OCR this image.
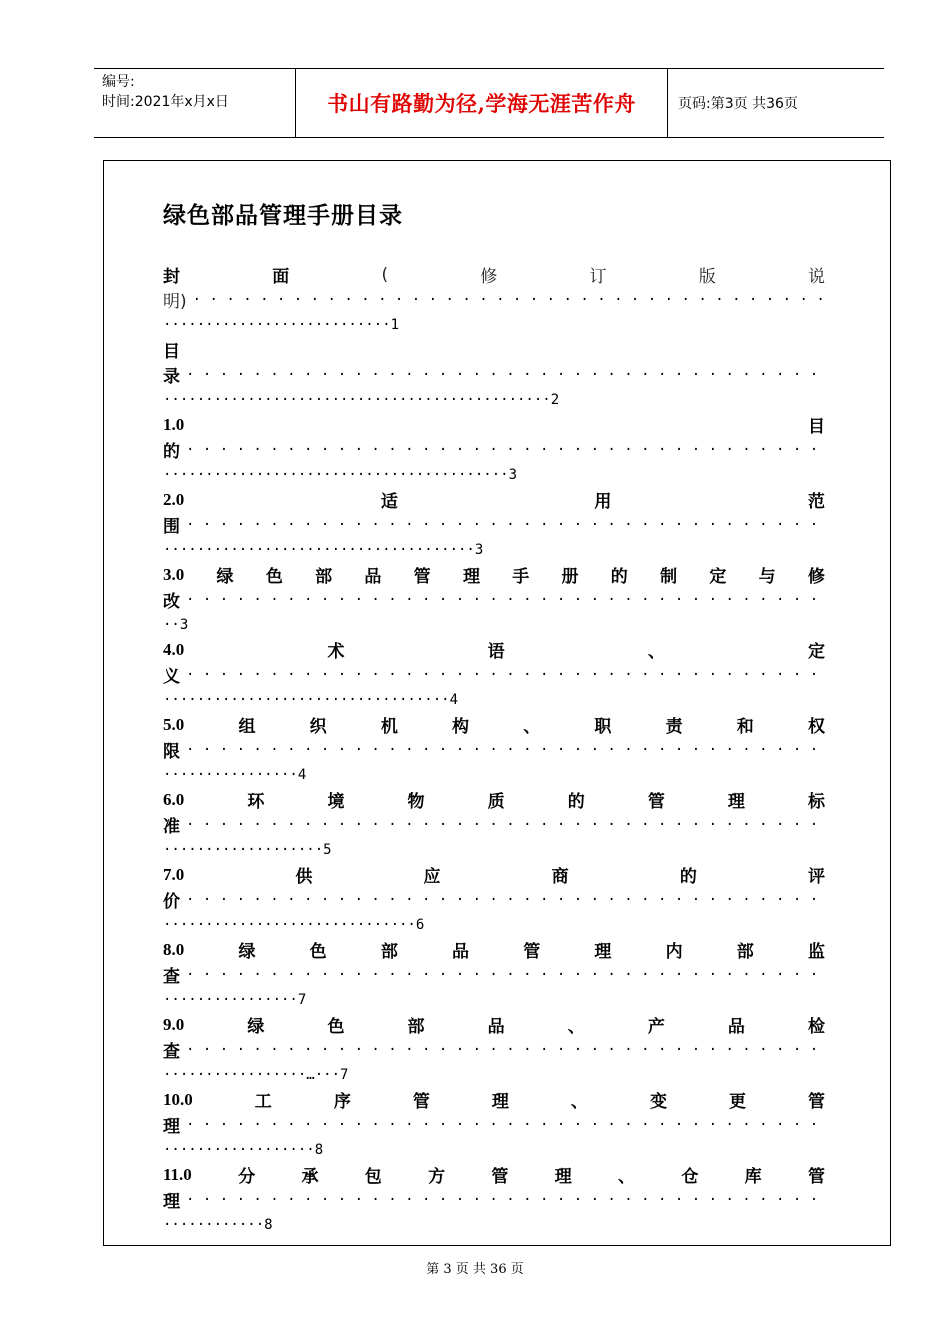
编号:
时间:2021年x月x日	书山有路勤为径,学海无涯苦作舟	页码:第3页 共36页
绿色部品管理手册目录
封	面	(	修	订	版	说
明)
· · ·
···························1
目
录
· · ·
··············································2
1.0	目
的
· · ·
·········································3
2.0	适	用	范
围
· · ·
·····································3
3.0 绿 色 部 品 管 理 手 册 的 制 定 与 修
改
· · ·
··3
4.0	术	语	、	定
义
· · ·
··································4
5.0	组	织	机	构	、	职	责	和	权
限
· · ·
················4
6.0	环	境	物	质	的	管	理	标
准
· · ·
···················5
7.0	供	应	商	的	评
价
· · ·
······························6
8.0	绿	色	部	品	管	理	内	部	监
查
· · ·
················7
9.0	绿	色	部	品	、	产	品	检
查
· · ·
·················…···7
10.0	工	序	管	理	、	变	更	管
理
· · ·
··················8
11.0	分	承	包	方	管	理	、	仓	库	管
理
· · ·
············8
第 3 页 共 36 页
